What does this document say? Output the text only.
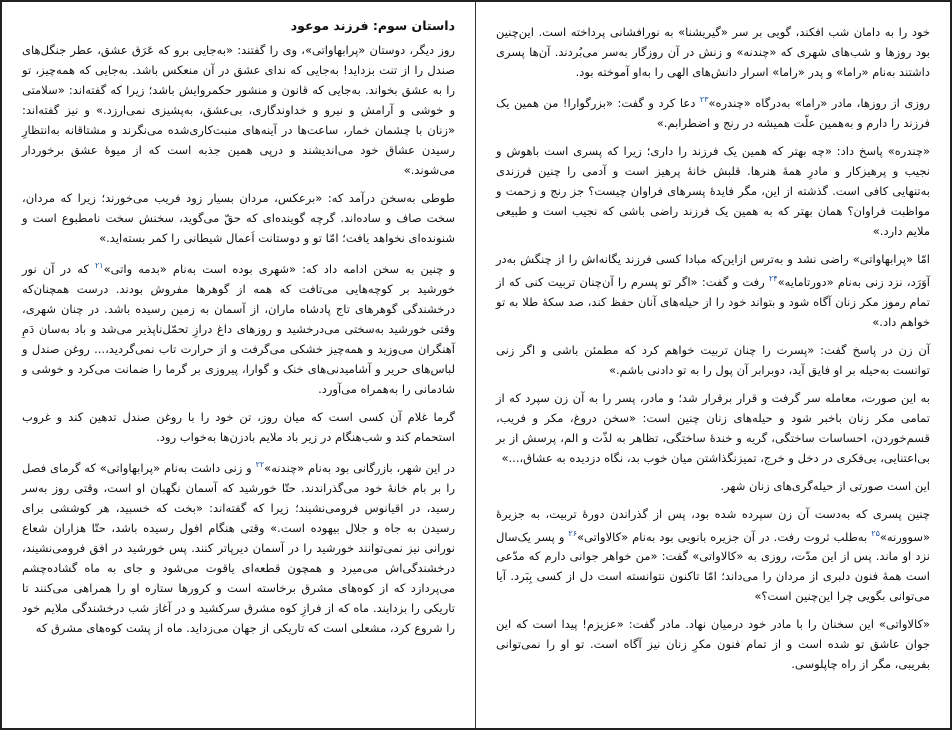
داستان سوم: فرزند موعود

روز دیگر، دوستان «پرابهاواتی»، وی را گفتند: «به‌جایی برو که عَرَق عشق، عطر جنگل‌های صندل را از تنت بزداید! به‌جایی که ندای عشق در آن منعکس باشد. به‌جایی که همه‌چیز، تو را به عشق بخواند. به‌جایی که قانون و منشور حکمروایش باشد؛ زیرا که گفته‌اند: «سلامتی و خوشی و آرامش و نیرو و خداوندگاری، بی‌عشق، به‌پشیزی نمی‌ارزد.» و نیز گفته‌اند: «زنان با چشمان خمار، ساعت‌ها در آینه‌های منبت‌کاری‌شده می‌نگرند و مشتاقانه به‌انتظارِ رسیدن عشاق خود می‌اندیشند و درپی همین جذبه است که از میوهٔ عشق برخوردار می‌شوند.»

طوطی به‌سخن درآمد که: «برعکس، مردان بسیار زود فریب می‌خورند؛ زیرا که مردان، سخت صاف و ساده‌اند. گرچه گوینده‌ای که حقّ می‌گوید، سخنش سخت نامطبوع است و شنونده‌ای نخواهد یافت؛ امّا تو و دوستانت اَعمال شیطانی را کمر بسته‌اید.»

و چنین به سخن ادامه داد که: «شهری بوده است به‌نام «بدمه واتی»$^{۲۱}$ که در آن نور خورشید بر کوچه‌هایی می‌تافت که همه از گوهرها مفروش بودند. درست همچنان‌که درخشندگی گوهرهای تاج پادشاه ماران، از آسمان به زمین رسیده باشد. در چنان شهری، وقتی خورشید به‌سختی می‌درخشید و روزهای داغ درازِ تحمّل‌ناپذیر می‌شد و باد به‌سان دَمِ آهنگران می‌وزید و همه‌چیز خشکی می‌گرفت و از حرارت تاب نمی‌گردید،... روغن صندل و لباس‌های حریر و آشامیدنی‌های خنک و گوارا، پیروزی بر گرما را ضمانت می‌کرد و خوشی و شادمانی را به‌همراه می‌آورد.

گرما غلام آن کسی است که میان روز، تن خود را با روغن صندل تدهین کند و غروب استحمام کند و شب‌هنگام در زیر باد ملایم بادزن‌ها به‌خواب رود.

در این شهر، بازرگانی بود به‌نام «چندنه»$^{۲۲}$ و زنی داشت به‌نام «پرابهاواتی» که گرمای فصل را بر بام خانهٔ خود می‌گذراندند. حتّا خورشید که آسمان نگهبان او است، وقتی روز به‌سر رسید، در اقیانوس فرومی‌نشیند؛ زیرا که گفته‌اند: «بخت که خسبید، هر کوششی برای رسیدن به جاه و جلال بیهوده است.» وقتی هنگام افول رسیده باشد، حتّا هزاران شعاع نورانی نیز نمی‌توانند خورشید را در آسمان دیرپاتر کنند. پس خورشید در افق فرومی‌نشیند، درخشندگی‌اش می‌میرد و همچون قطعه‌ای یاقوت می‌شود و جای به ماه گشاده‌چشم می‌پردازد که از کوه‌های مشرق برخاسته است و کرورها ستاره او را همراهی می‌کنند تا تاریکی را بزدایند. ماه که از فرازِ کوه مشرق سرکشید و در آغاز شب درخشندگی ملایم خود را شروع کرد، مشعلی است که تاریکی از جهان می‌زداید. ماه از پشت کوه‌های مشرق که

خود را به دامان شب افکند، گویی بر سر «گیریشنا» به نورافشانی پرداخته است. این‌چنین بود روزها و شب‌های شهری که «چندنه» و زنش در آن روزگار به‌سر می‌بُردند. آن‌ها پسری داشتند به‌نام «راما» و پدر «راما» اسرار دانش‌های الهی را به‌او آموخته بود.

روزی از روزها، مادر «راما» به‌درگاه «چندره»$^{۲۳}$ دعا کرد و گفت: «بزرگوارا! من همین یک فرزند را دارم و به‌همین علّت همیشه در رنج و اضطرابم.»

«چندره» پاسخ داد: «چه بهتر که همین یک فرزند را داری؛ زیرا که پسری است باهوش و نجیب و پرهیزکار و مادرِ همهٔ هنرها. قلبش خانهٔ پرهیز است و آدمی را چنین فرزندی به‌تنهایی کافی است. گذشته از این، مگر فایدهٔ پسرهای فراوان چیست؟ جز رنج و زحمت و مواظبت فراوان؟ همان بهتر که به همین یک فرزند راضی باشی که نجیب است و طبیعی ملایم دارد.»

امّا «پرابهاواتی» راضی نشد و به‌ترس ازاین‌که مبادا کسی فرزند یگانه‌اش را از چنگش به‌در آوَرَد، نزد زنی به‌نام «دورتامایه»$^{۲۴}$ رفت و گفت: «اگر تو پسرم را آن‌چنان تربیت کنی که از تمام رموز مکر زنان آگاه شود و بتواند خود را از حیله‌های آنان حفظ کند، صد سکهٔ طلا به تو خواهم داد.»

آن زن در پاسخ گفت: «پسرت را چنان تربیت خواهم کرد که مطمئن باشی و اگر زنی توانست به‌حیله بر او فایق آید، دوبرابر آن پول را به تو دادنی باشم.»

به این صورت، معامله سر گرفت و قرار برقرار شد؛ و مادر، پسر را به آن زن سپرد که از تمامی مکر زنان باخبر شود و حیله‌های زنان چنین است: «سخن دروغ، مکر و فریب، قسم‌خوردن، احساسات ساختگی، گریه و خندهٔ ساختگی، تظاهر به لذّت و الم، پرسش از بر بی‌اعتنایی، بی‌فکری در دخل و خرج، تمیزنگذاشتن میان خوب بد، نگاه دزدیده به عشاق،...»

این است صورتی از حیله‌گری‌های زنان شهر.

چنین پسری که به‌دست آن زن سپرده شده بود، پس از گذراندن دورهٔ تربیت، به جزیرهٔ «سوورنه»$^{۲۵}$ به‌طلب ثروت رفت. در آن جزیره بانویی بود به‌نام «کالاواتی»$^{۲۶}$ و پسر یک‌سال نزد او ماند. پس از این مدّت، روزی به «کالاواتی» گفت: «من خواهر جوانی دارم که مدّعی است همهٔ فنون دلبری از مردان را می‌داند؛ امّا تاکنون نتوانسته است دل از کسی بِبَرد. آیا می‌توانی بگویی چرا این‌چنین است؟»

«کالاواتی» این سخنان را با مادر خود درمیان نهاد. مادر گفت: «عزیزم! پیدا است که این جوان عاشق تو شده است و از تمام فنون مکرِ زنان نیز آگاه است. تو او را نمی‌توانی بفریبی، مگر از راه چاپلوسی.
